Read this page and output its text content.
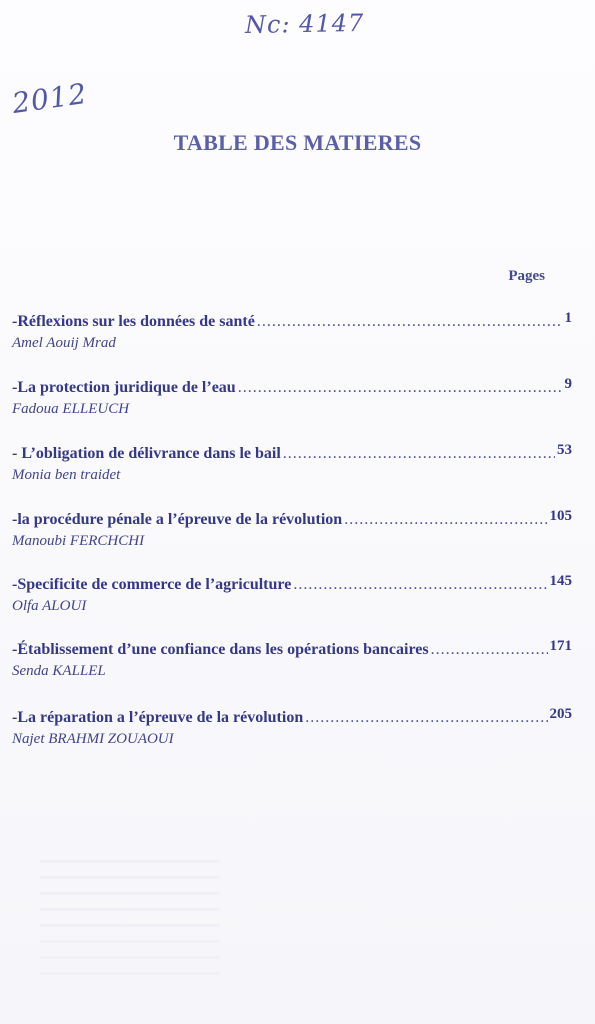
Nc: 4147
2012
TABLE DES MATIERES
Pages
-Réflexions sur les données de santé .....	1
Amel Aouij Mrad
-La protection juridique de l’eau .....	9
Fadoua ELLEUCH
- L’obligation de délivrance dans le bail .....	53
Monia ben traidet
-la procédure pénale a l’épreuve de la révolution .....	105
Manoubi FERCHCHI
-Specificite de commerce de l’agriculture .....	145
Olfa ALOUI
-Établissement d’une confiance dans les opérations bancaires .....	171
Senda KALLEL
-La réparation a l’épreuve de la révolution .....	205
Najet BRAHMI ZOUAOUI
